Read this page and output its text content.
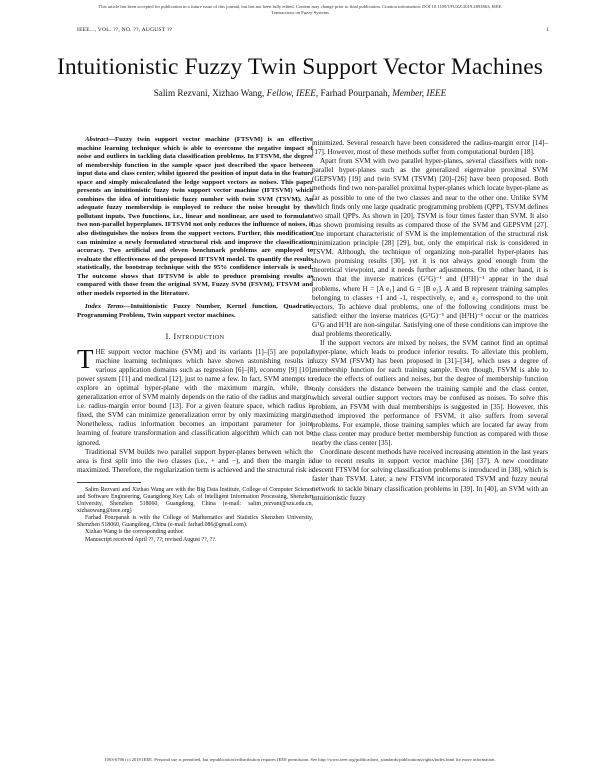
This article has been accepted for publication in a future issue of this journal, but has not been fully edited. Content may change prior to final publication. Citation information: DOI 10.1109/TFUZZ.2019.2893863, IEEE
Transactions on Fuzzy Systems
IEEE..., VOL. ??, NO. ??, AUGUST ??	1
Intuitionistic Fuzzy Twin Support Vector Machines
Salim Rezvani, Xizhao Wang, Fellow, IEEE, Farhad Pourpanah, Member, IEEE

Abstract—Fuzzy twin support vector machine (FTSVM) is an effective machine learning technique which is able to overcome the negative impact of noise and outliers in tackling data classification problems. In FTSVM, the degree of membership function in the sample space just described the space between input data and class center, whilst ignored the position of input data in the feature space and simply miscalculated the ledge support vectors as noises. This paper presents an intuitionistic fuzzy twin support vector machine (IFTSVM) which combines the idea of intuitionistic fuzzy number with twin SVM (TSVM). An adequate fuzzy membership is employed to reduce the noise brought by the pollutant inputs. Two functions, i.e., linear and nonlinear, are used to formulate two non-parallel hyperplanes. IFTSVM not only reduces the influence of noises, it also distinguishes the noises from the support vectors. Further, this modification can minimize a newly formulated structural risk and improve the classification accuracy. Two artificial and eleven benchmark problems are employed to evaluate the effectiveness of the proposed IFTSVM model. To quantify the results statistically, the bootstrap technique with the 95% confidence intervals is used. The outcome shows that IFTSVM is able to produce promising results as compared with those from the original SVM, Fuzzy SVM (FSVM), FTSVM and other models reported in the literature.

Index Terms—Intuitionistic Fuzzy Number, Kernel function, Quadratic Programming Problem, Twin support vector machines.

I. Introduction

THE support vector machine (SVM) and its variants [1]–[5] are popular machine learning techniques which have shown astonishing results in various application domains such as regression [6]–[8], economy [9] [10], power system [11] and medical [12], just to name a few. In fact, SVM attempts to explore an optimal hyper-plane with the maximum margin, while, the generalization error of SVM mainly depends on the ratio of the radius and margin, i.e. radius-margin error bound [13]. For a given feature space, which radius is fixed, the SVM can minimize generalization error by only maximizing margin. Nonetheless, radius information becomes an important parameter for joint learning of feature transformation and classification algorithm which can not be ignored.

Traditional SVM builds two parallel support hyper-planes between which the area is first split into the two classes (i.e., + and −), and then the margin is maximized. Therefore, the regularization term is achieved and the structural risk is

Salim Rezvani and Xizhao Wang are with the Big Data Institute, College of Computer Science and Software Engineering, Guangdong Key Lab. of Intelligent Information Processing, Shenzhen University, Shenzhen 518060, Guangdong, China (e-mail: salim_rezvani@szu.edu.cn, xizhaowang@ieee.org)

Farhad Pourpanah is with the College of Mathematics and Statistics Shenzhen University, Shenzhen 518060, Guangdong, China (e-mail: farhad.086@gmail.com).

Xizhao Wang is the corresponding author.

Manuscript received April ??, ??; revised August ??, ??.

minimized. Several research have been considered the radius-margin error [14]–[17]. However, most of these methods suffer from computational burden [18].

Apart from SVM with two parallel hyper-planes, several classifiers with non-parallel hyper-planes such as the generalized eigenvalue proximal SVM (GEPSVM) [19] and twin SVM (TSVM) [20]–[26] have been proposed. Both methods find two non-parallel proximal hyper-planes which locate hyper-plane as far as possible to one of the two classes and near to the other one. Unlike SVM which finds only one large quadratic programming problem (QPP), TSVM defines two small QPPs. As shown in [20], TSVM is four times faster than SVM. It also has shown promising results as compared those of the SVM and GEPSVM [27]. One important characteristic of SVM is the implementation of the structural risk minimization principle [28] [29], but, only the empirical risk is considered in TSVM. Although, the technique of organizing non-parallel hyper-planes has shown promising results [30], yet it is not always good enough from the theoretical viewpoint, and it needs further adjustments. On the other hand, it is known that the inverse matrices (GᵀG)⁻¹ and (HᵀH)⁻¹ appear in the dual problems, where H = [A e₁] and G = [B e₂]. A and B represent training samples belonging to classes +1 and -1, respectively, e₁ and e₂ correspond to the unit vectors. To achieve dual problems, one of the following conditions must be satisfied: either the inverse matrices (GᵀG)⁻¹ and (HᵀH)⁻¹ occur or the matrices GᵀG and HᵀH are non-singular. Satisfying one of these conditions can improve the dual problems theoretically.

If the support vectors are mixed by noises, the SVM cannot find an optimal hyper-plane, which leads to produce inferior results. To alleviate this problem, fuzzy SVM (FSVM) has been proposed in [31]–[34], which uses a degree of membership function for each training sample. Even though, FSVM is able to reduce the effects of outliers and noises, but the degree of membership function only considers the distance between the training sample and the class center, which several outlier support vectors may be confused as noises. To solve this problem, an FSVM with dual memberships is suggested in [35]. However, this method improved the performance of FSVM, it also suffers from several problems. For example, those training samples which are located far away from the class center may produce better membership function as compared with those nearby the class center [35].

Coordinate descent methods have received increasing attention in the last years due to recent results in support vector machine [36] [37]. A new coordinate descent FTSVM for solving classification problems is introduced in [38], which is faster than TSVM. Later, a new FTSVM incorporated TSVM and fuzzy neural network to tackle binary classification problems in [39]. In [40], an SVM with an intuitionistic fuzzy

1063-6706 (c) 2018 IEEE. Personal use is permitted, but republication/redistribution requires IEEE permission. See http://www.ieee.org/publications_standards/publications/rights/index.html for more information.
